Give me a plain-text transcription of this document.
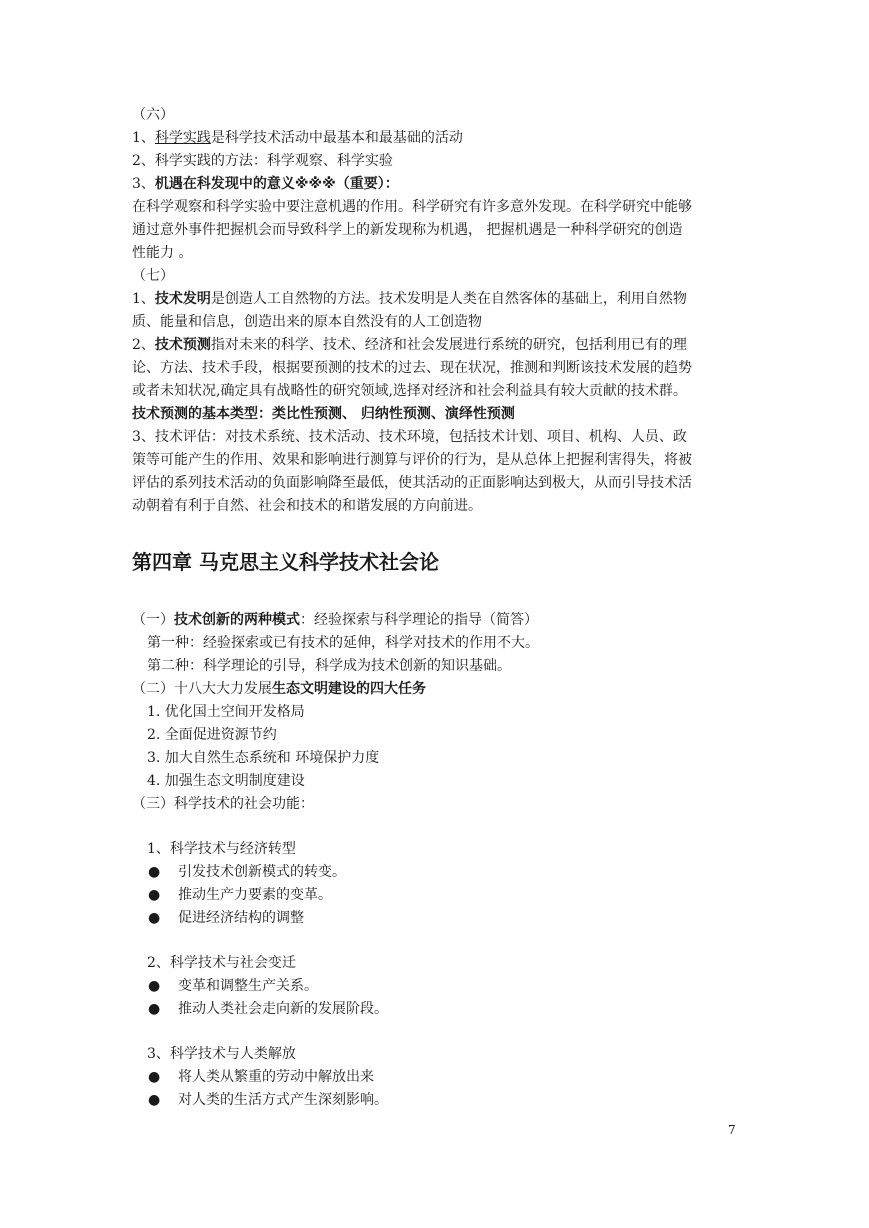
（六）
1、科学实践是科学技术活动中最基本和最基础的活动
2、科学实践的方法：科学观察、科学实验
3、机遇在科发现中的意义※※※（重要）：
在科学观察和科学实验中要注意机遇的作用。科学研究有许多意外发现。在科学研究中能够
通过意外事件把握机会而导致科学上的新发现称为机遇， 把握机遇是一种科学研究的创造
性能力 。
（七）
1、技术发明是创造人工自然物的方法。技术发明是人类在自然客体的基础上，利用自然物
质、能量和信息，创造出来的原本自然没有的人工创造物
2、技术预测指对未来的科学、技术、经济和社会发展进行系统的研究，包括利用已有的理
论、方法、技术手段，根据要预测的技术的过去、现在状况，推测和判断该技术发展的趋势
或者未知状况,确定具有战略性的研究领域,选择对经济和社会利益具有较大贡献的技术群。
技术预测的基本类型：类比性预测、 归纳性预测、演绎性预测
3、技术评估：对技术系统、技术活动、技术环境，包括技术计划、项目、机构、人员、政
策等可能产生的作用、效果和影响进行测算与评价的行为，是从总体上把握利害得失，将被
评估的系列技术活动的负面影响降至最低，使其活动的正面影响达到极大，从而引导技术活
动朝着有利于自然、社会和技术的和谐发展的方向前进。
第四章 马克思主义科学技术社会论
（一）技术创新的两种模式：经验探索与科学理论的指导（简答）
第一种：经验探索或已有技术的延伸，科学对技术的作用不大。
第二种：科学理论的引导，科学成为技术创新的知识基础。
（二）十八大大力发展生态文明建设的四大任务
1. 优化国土空间开发格局
2. 全面促进资源节约
3. 加大自然生态系统和 环境保护力度
4. 加强生态文明制度建设
（三）科学技术的社会功能：
1、科学技术与经济转型
● 引发技术创新模式的转变。
● 推动生产力要素的变革。
● 促进经济结构的调整
2、科学技术与社会变迁
● 变革和调整生产关系。
● 推动人类社会走向新的发展阶段。
3、科学技术与人类解放
● 将人类从繁重的劳动中解放出来
● 对人类的生活方式产生深刻影响。
7
